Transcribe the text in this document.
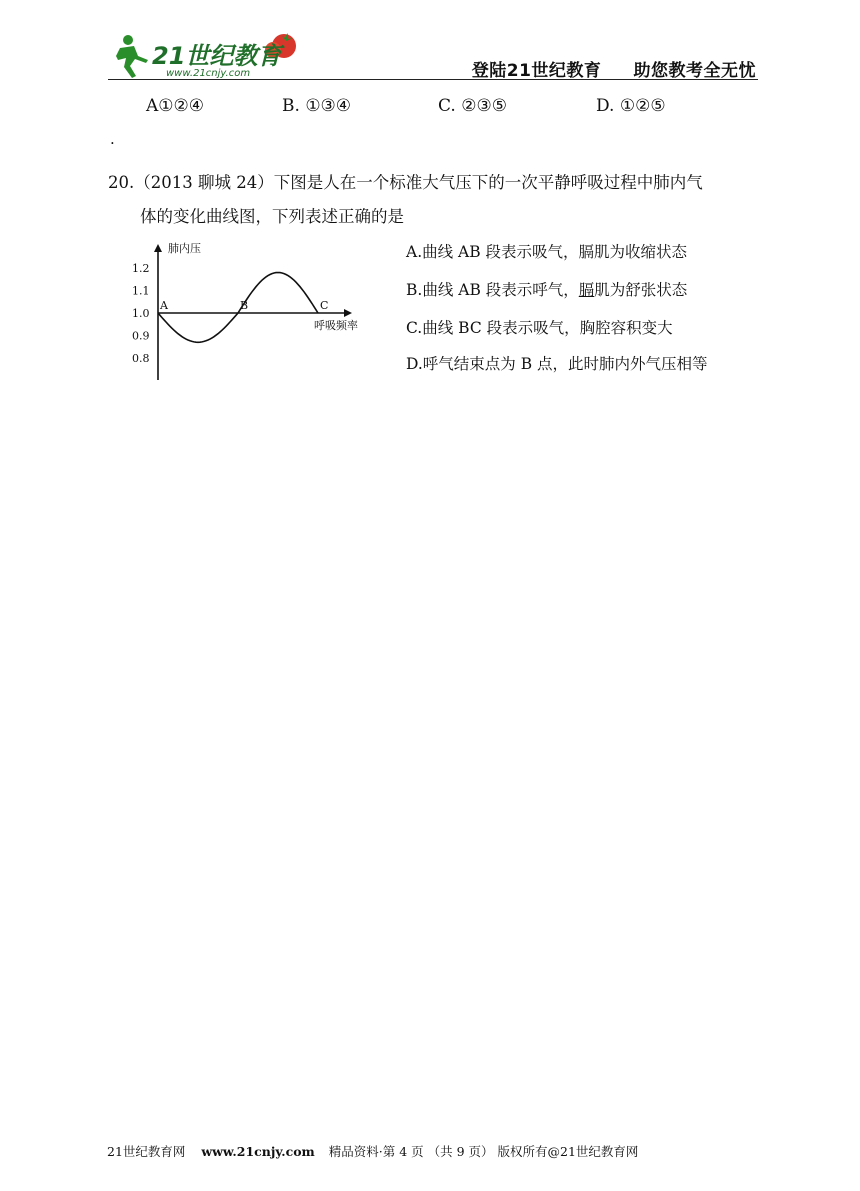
21世纪教育
www.21cnjy.com	登陆21世纪教育 助您教考全无忧
A①②④	B. ①③④	C. ②③⑤	D. ①②⑤
.
20.（2013 聊城 24）下图是人在一个标准大气压下的一次平静呼吸过程中肺内气
体的变化曲线图，下列表述正确的是
肺内压
呼吸频率
1.2
1.1
1.0
0.9
0.8
A	B	C
A.曲线 AB 段表示吸气，膈肌为收缩状态
B.曲线 AB 段表示呼气，膈肌为舒张状态
C.曲线 BC 段表示吸气，胸腔容积变大
D.呼气结束点为 B 点，此时肺内外气压相等
21世纪教育网 www.21cnjy.com 精品资料·第 4 页 （共 9 页） 版权所有@21世纪教育网
